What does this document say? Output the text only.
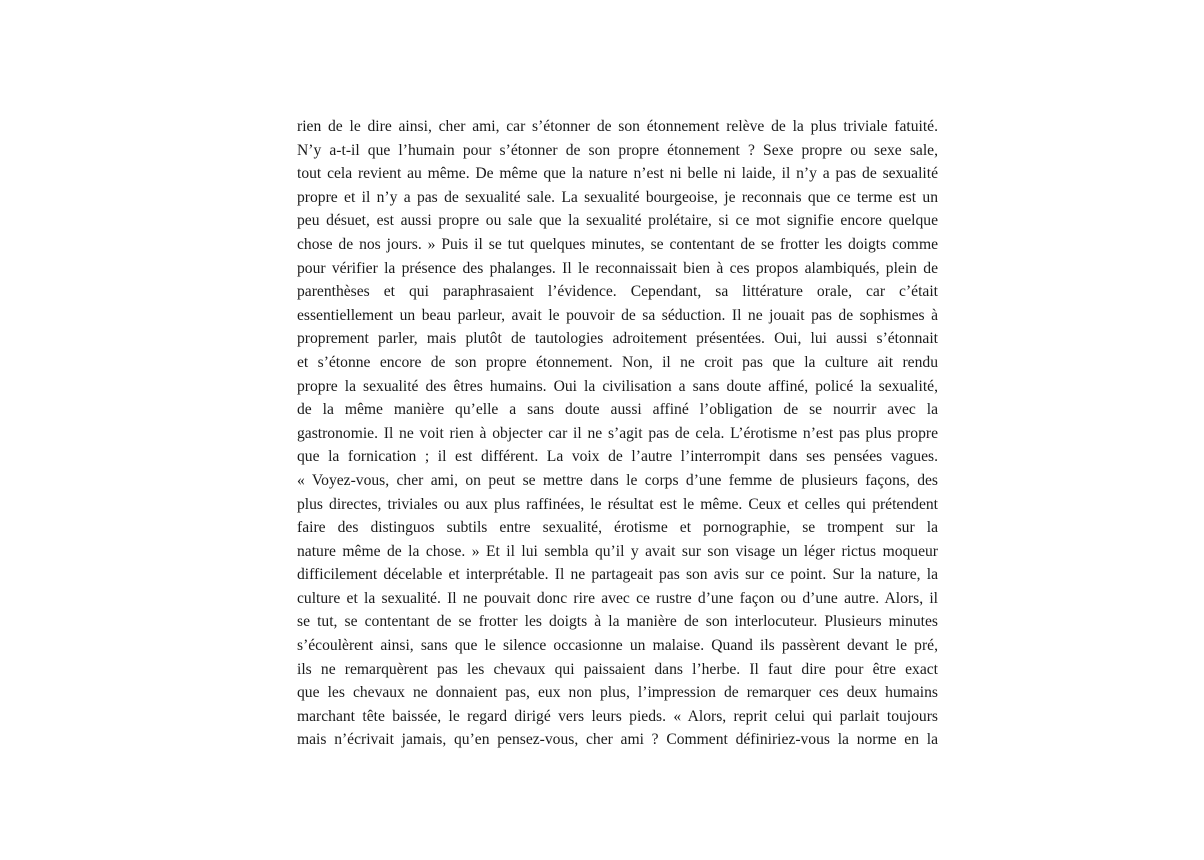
rien de le dire ainsi, cher ami, car s’étonner de son étonnement relève de la plus triviale fatuité.
N’y a-t-il que l’humain pour s’étonner de son propre étonnement ? Sexe propre ou sexe sale,
tout cela revient au même. De même que la nature n’est ni belle ni laide, il n’y a pas de sexualité
propre et il n’y a pas de sexualité sale. La sexualité bourgeoise, je reconnais que ce terme est un
peu désuet, est aussi propre ou sale que la sexualité prolétaire, si ce mot signifie encore quelque
chose de nos jours. » Puis il se tut quelques minutes, se contentant de se frotter les doigts comme
pour vérifier la présence des phalanges. Il le reconnaissait bien à ces propos alambiqués, plein de
parenthèses et qui paraphrasaient l’évidence. Cependant, sa littérature orale, car c’était
essentiellement un beau parleur, avait le pouvoir de sa séduction. Il ne jouait pas de sophismes à
proprement parler, mais plutôt de tautologies adroitement présentées. Oui, lui aussi s’étonnait
et s’étonne encore de son propre étonnement. Non, il ne croit pas que la culture ait rendu
propre la sexualité des êtres humains. Oui la civilisation a sans doute affiné, policé la sexualité,
de la même manière qu’elle a sans doute aussi affiné l’obligation de se nourrir avec la
gastronomie. Il ne voit rien à objecter car il ne s’agit pas de cela. L’érotisme n’est pas plus propre
que la fornication ; il est différent. La voix de l’autre l’interrompit dans ses pensées vagues.
« Voyez-vous, cher ami, on peut se mettre dans le corps d’une femme de plusieurs façons, des
plus directes, triviales ou aux plus raffinées, le résultat est le même. Ceux et celles qui prétendent
faire des distinguos subtils entre sexualité, érotisme et pornographie, se trompent sur la
nature même de la chose. » Et il lui sembla qu’il y avait sur son visage un léger rictus moqueur
difficilement décelable et interprétable. Il ne partageait pas son avis sur ce point. Sur la nature, la
culture et la sexualité. Il ne pouvait donc rire avec ce rustre d’une façon ou d’une autre. Alors, il
se tut, se contentant de se frotter les doigts à la manière de son interlocuteur. Plusieurs minutes
s’écoulèrent ainsi, sans que le silence occasionne un malaise. Quand ils passèrent devant le pré,
ils ne remarquèrent pas les chevaux qui paissaient dans l’herbe. Il faut dire pour être exact
que les chevaux ne donnaient pas, eux non plus, l’impression de remarquer ces deux humains
marchant tête baissée, le regard dirigé vers leurs pieds. « Alors, reprit celui qui parlait toujours
mais n’écrivait jamais, qu’en pensez-vous, cher ami ? Comment définiriez-vous la norme en la
